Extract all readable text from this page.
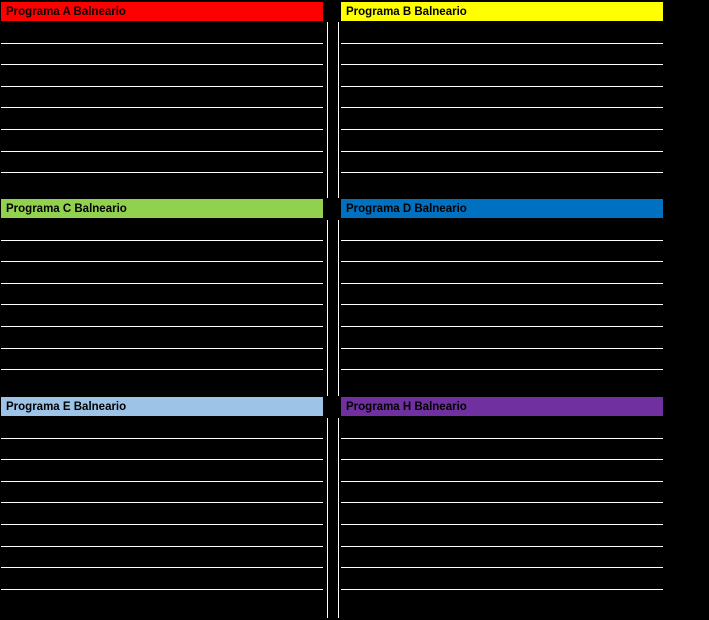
Programa A Balneario	Programa B Balneario
Programa C Balneario	Programa D Balneario
Programa E Balneario	Programa H Balneario
